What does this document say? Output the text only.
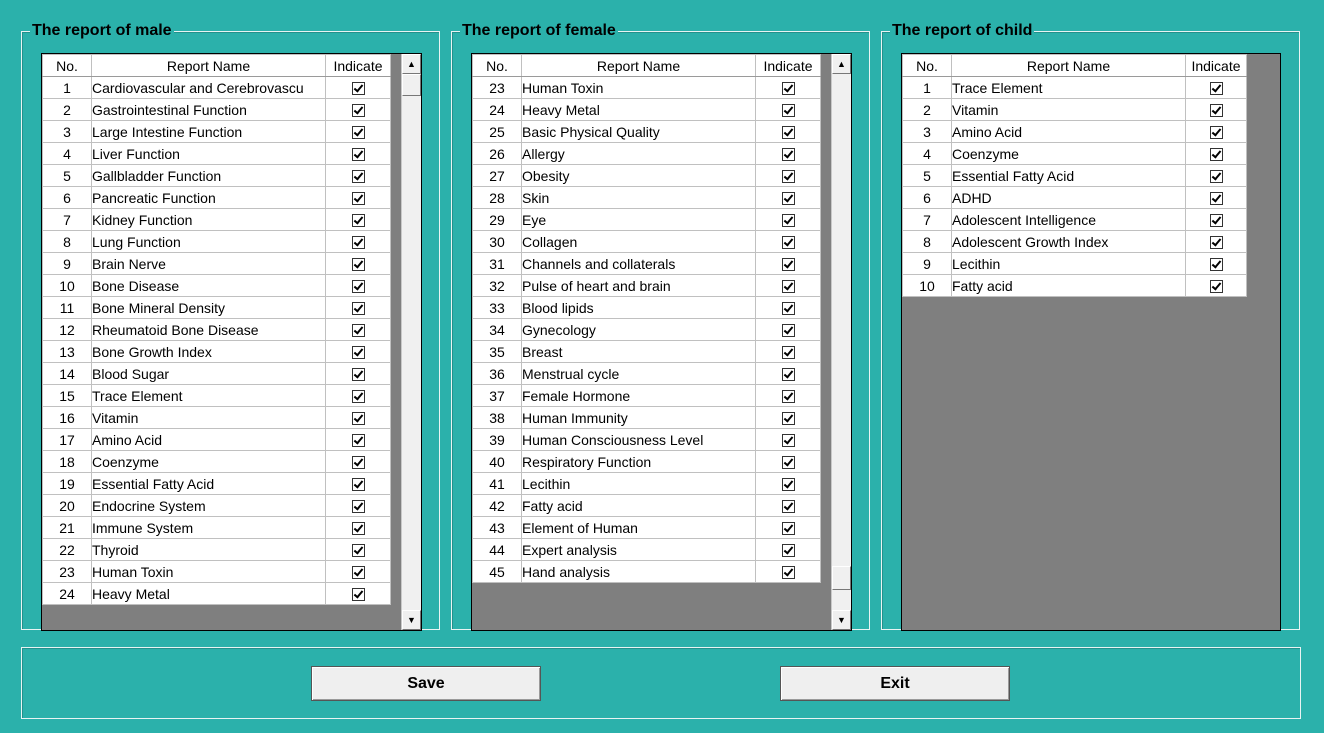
The report of male
No.	Report Name	Indicate
1	Cardiovascular and Cerebrovascu	
2	Gastrointestinal Function	
3	Large Intestine Function	
4	Liver Function	
5	Gallbladder Function	
6	Pancreatic Function	
7	Kidney Function	
8	Lung Function	
9	Brain Nerve	
10	Bone Disease	
11	Bone Mineral Density	
12	Rheumatoid Bone Disease	
13	Bone Growth Index	
14	Blood Sugar	
15	Trace Element	
16	Vitamin	
17	Amino Acid	
18	Coenzyme	
19	Essential Fatty Acid	
20	Endocrine System	
21	Immune System	
22	Thyroid	
23	Human Toxin	
24	Heavy Metal	
▲
▼
The report of female
No.	Report Name	Indicate
23	Human Toxin	
24	Heavy Metal	
25	Basic Physical Quality	
26	Allergy	
27	Obesity	
28	Skin	
29	Eye	
30	Collagen	
31	Channels and collaterals	
32	Pulse of heart and brain	
33	Blood lipids	
34	Gynecology	
35	Breast	
36	Menstrual cycle	
37	Female Hormone	
38	Human Immunity	
39	Human Consciousness Level	
40	Respiratory Function	
41	Lecithin	
42	Fatty acid	
43	Element of Human	
44	Expert analysis	
45	Hand analysis	
▲
▼
The report of child
No.	Report Name	Indicate
1	Trace Element	
2	Vitamin	
3	Amino Acid	
4	Coenzyme	
5	Essential Fatty Acid	
6	ADHD	
7	Adolescent Intelligence	
8	Adolescent Growth Index	
9	Lecithin	
10	Fatty acid	
Save	Exit
